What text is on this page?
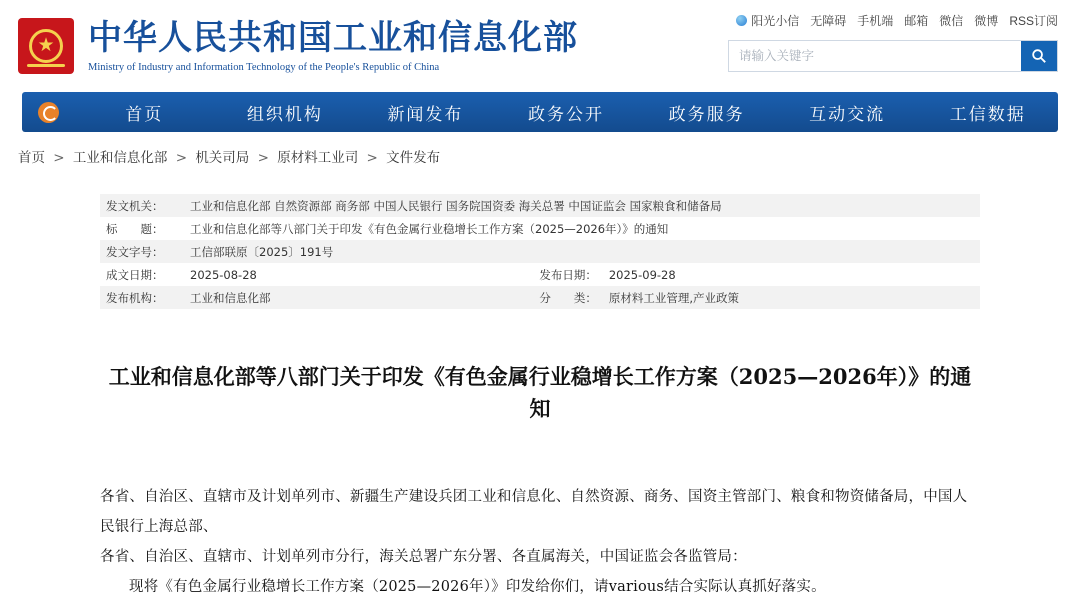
★ 中华人民共和国工业和信息化部
Ministry of Industry and Information Technology of the People's Republic of China
阳光小信 无障碍 手机端 邮箱 微信 微博 RSS订阅
请输入关键字
首页	组织机构	新闻发布	政务公开	政务服务	互动交流	工信数据
首页 > 工业和信息化部 > 机关司局 > 原材料工业司 > 文件发布
发文机关：	工业和信息化部 自然资源部 商务部 中国人民银行 国务院国资委 海关总署 中国证监会 国家粮食和储备局		
标　　题：	工业和信息化部等八部门关于印发《有色金属行业稳增长工作方案（2025—2026年）》的通知		
发文字号：	工信部联原〔2025〕191号		
成文日期：	2025-08-28	发布日期：	2025-09-28
发布机构：	工业和信息化部	分　　类：	原材料工业管理,产业政策
工业和信息化部等八部门关于印发《有色金属行业稳增长工作方案（2025—2026年）》的通知

各省、自治区、直辖市及计划单列市、新疆生产建设兵团工业和信息化、自然资源、商务、国资主管部门、粮食和物资储备局，中国人民银行上海总部、

各省、自治区、直辖市、计划单列市分行，海关总署广东分署、各直属海关，中国证监会各监管局：

现将《有色金属行业稳增长工作方案（2025—2026年）》印发给你们，请various结合实际认真抓好落实。
